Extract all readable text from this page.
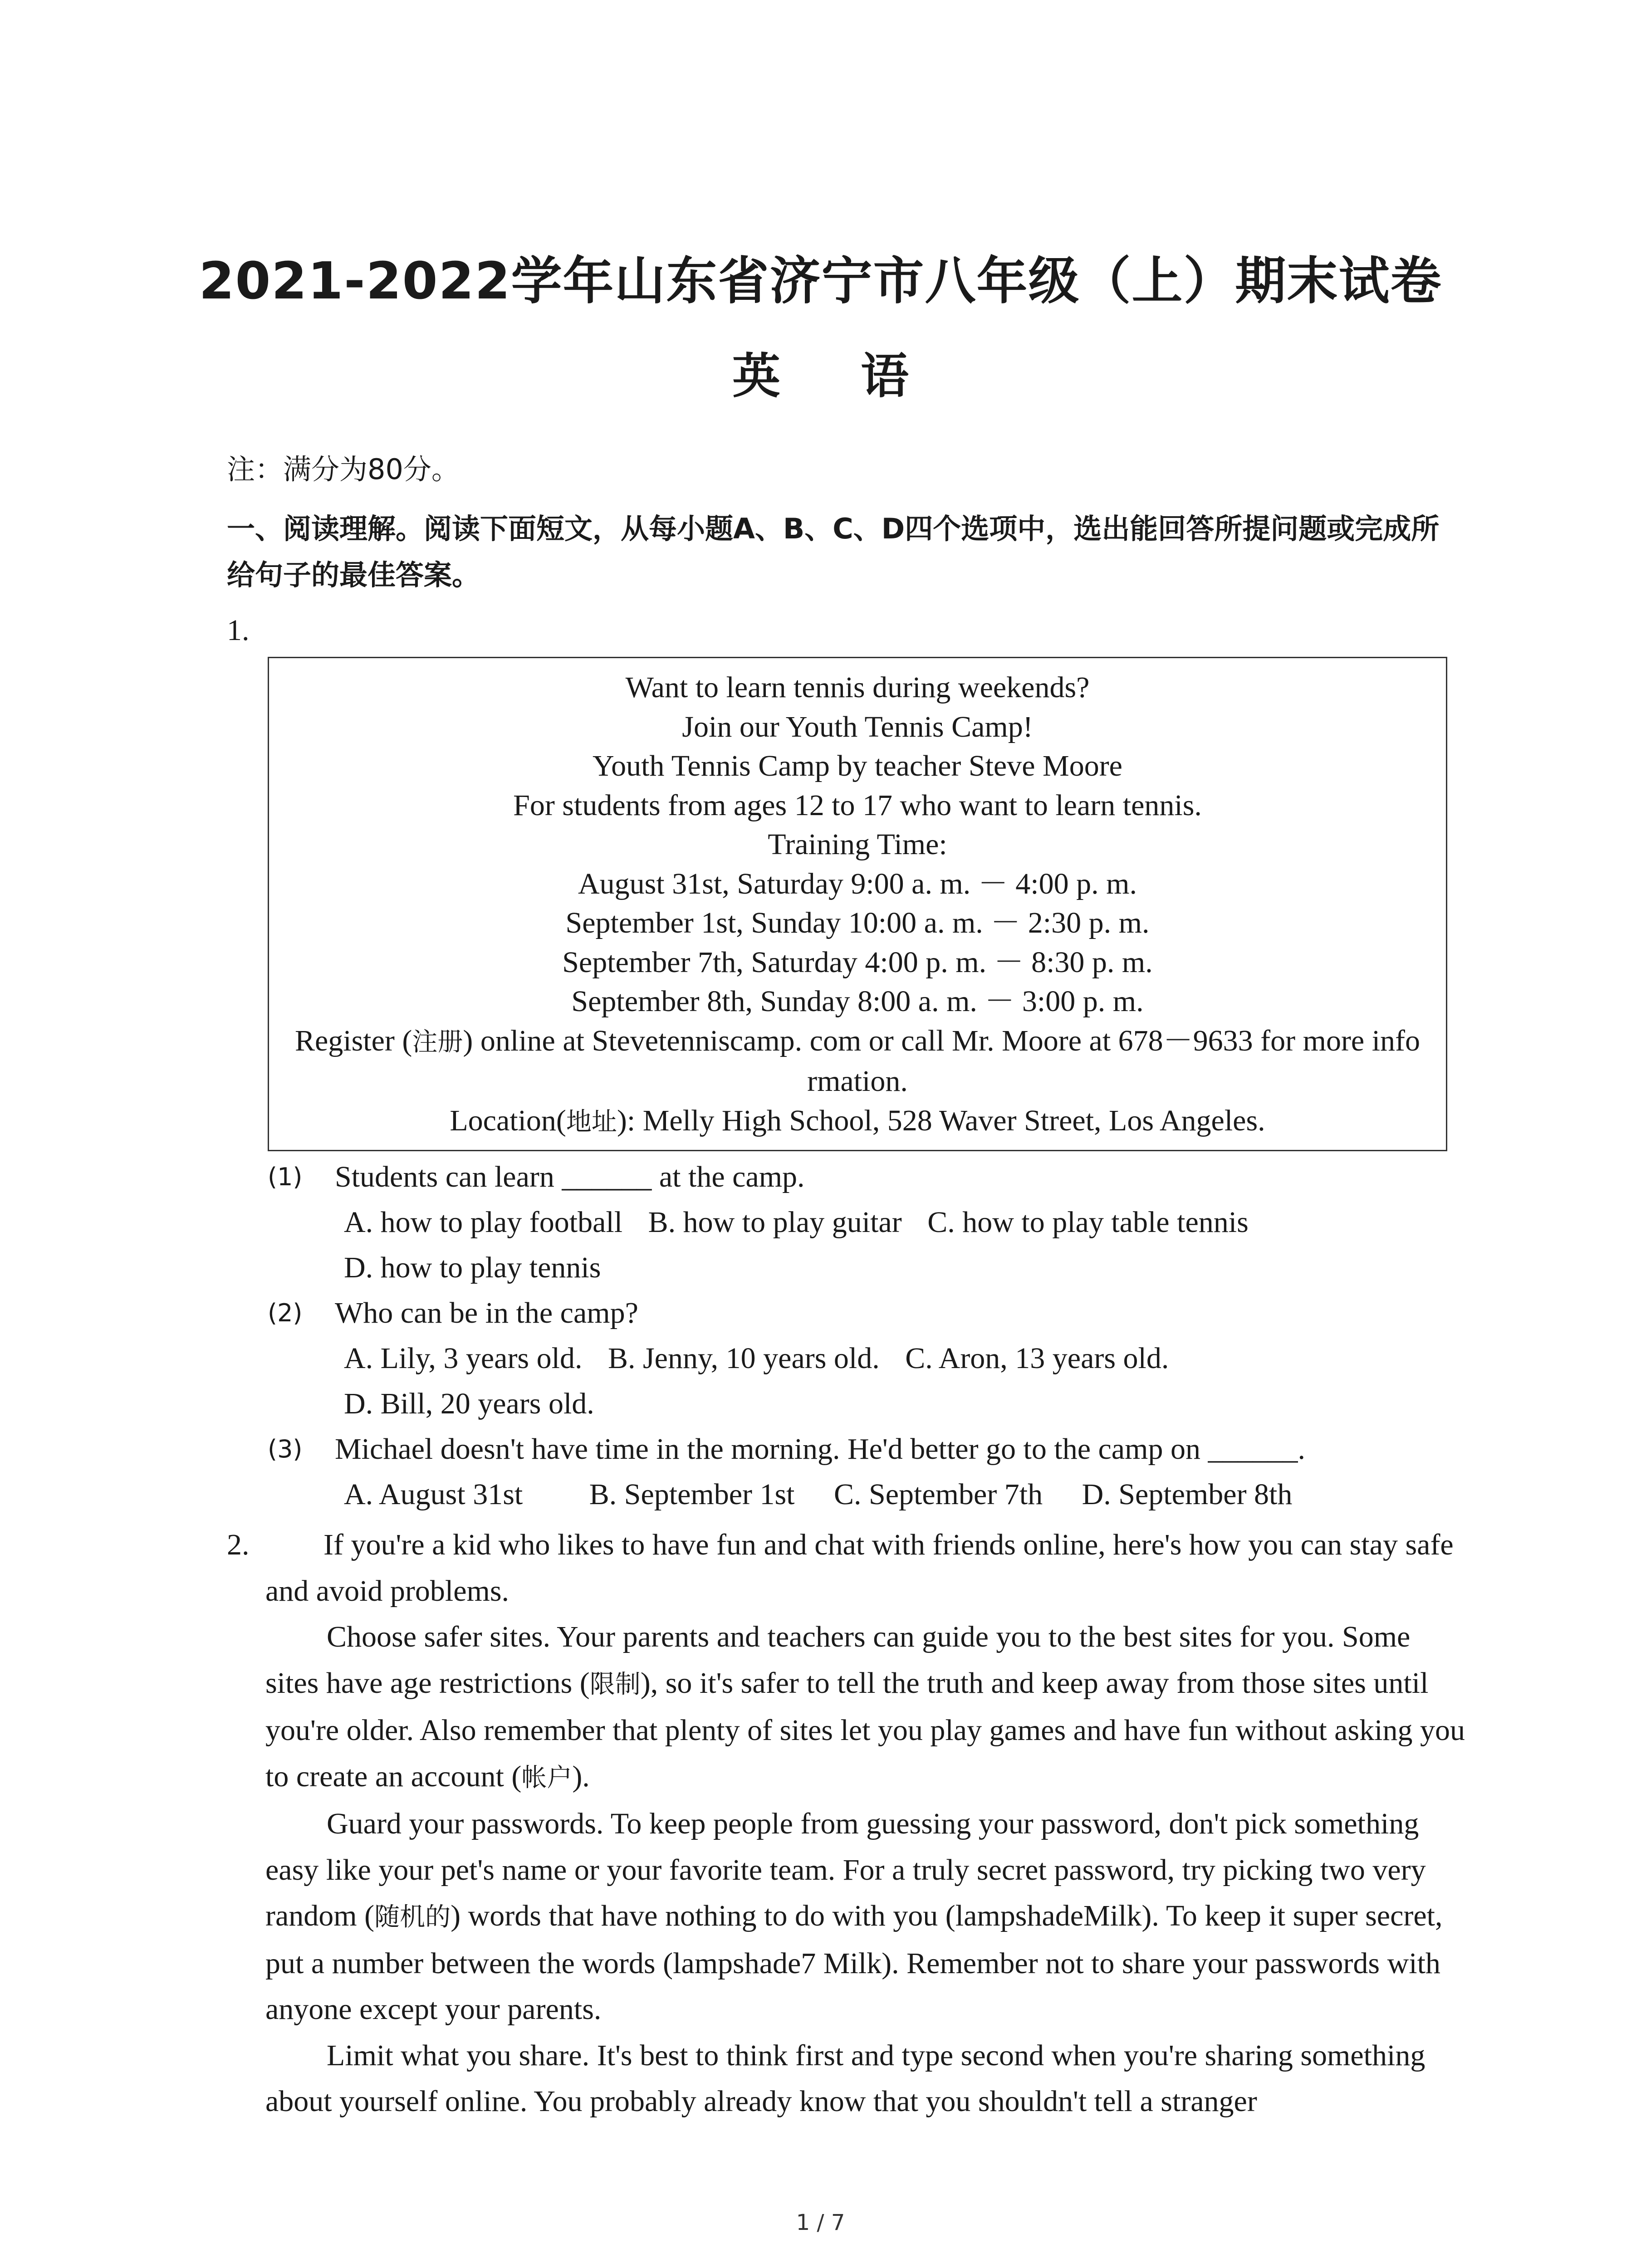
2021-2022学年山东省济宁市八年级（上）期末试卷
英 语
注：满分为80分。
一、阅读理解。阅读下面短文，从每小题A、B、C、D四个选项中，选出能回答所提问题或完成所给句子的最佳答案。
1.
Want to learn tennis during weekends?
Join our Youth Tennis Camp!
Youth Tennis Camp by teacher Steve Moore
For students from ages 12 to 17 who want to learn tennis.
Training Time:
August 31st, Saturday 9:00 a. m. － 4:00 p. m.
September 1st, Sunday 10:00 a. m. － 2:30 p. m.
September 7th, Saturday 4:00 p. m. － 8:30 p. m.
September 8th, Sunday 8:00 a. m. － 3:00 p. m.
Register (注册) online at Stevetenniscamp. com or call Mr. Moore at 678－9633 for more info
rmation.
Location(地址): Melly High School, 528 Waver Street, Los Angeles.
(1) Students can learn ______ at the camp.
A. how to play football B. how to play guitar C. how to play table tennis
D. how to play tennis
(2) Who can be in the camp?
A. Lily, 3 years old. B. Jenny, 10 years old. C. Aron, 13 years old.
D. Bill, 20 years old.
(3) Michael doesn't have time in the morning. He'd better go to the camp on ______.
A. August 31st B. September 1st C. September 7th D. September 8th
2.	If you're a kid who likes to have fun and chat with friends online, here's how you can stay safe and avoid problems.

Choose safer sites. Your parents and teachers can guide you to the best sites for you. Some sites have age restrictions (限制), so it's safer to tell the truth and keep away from those sites until you're older. Also remember that plenty of sites let you play games and have fun without asking you to create an account (帐户).

Guard your passwords. To keep people from guessing your password, don't pick something easy like your pet's name or your favorite team. For a truly secret password, try picking two very random (随机的) words that have nothing to do with you (lampshadeMilk). To keep it super secret, put a number between the words (lampshade7 Milk). Remember not to share your passwords with anyone except your parents.

Limit what you share. It's best to think first and type second when you're sharing something about yourself online. You probably already know that you shouldn't tell a stranger

1 / 7
